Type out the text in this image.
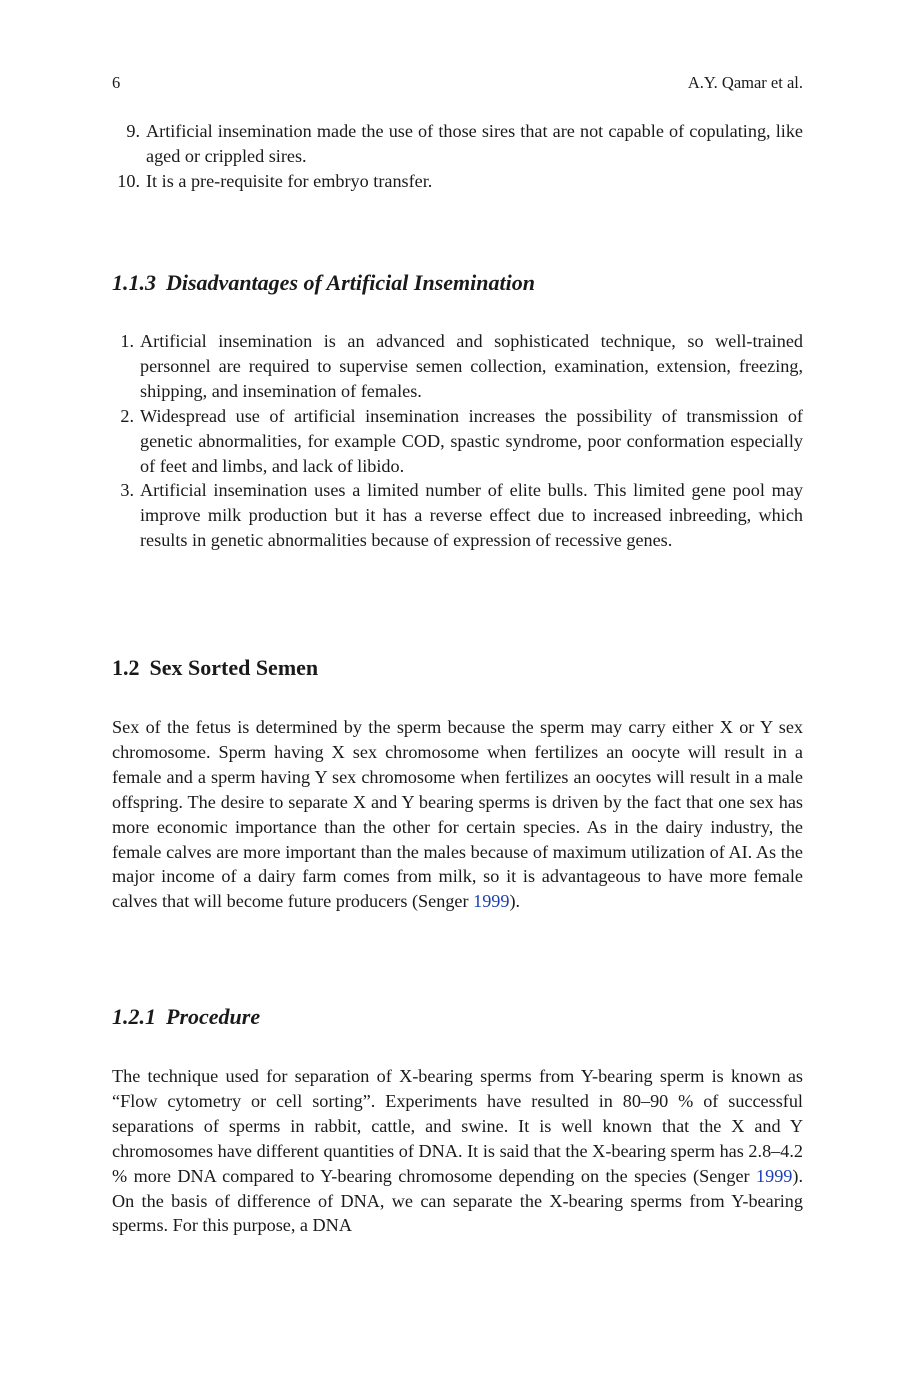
6	A.Y. Qamar et al.
9. Artificial insemination made the use of those sires that are not capable of copulating, like aged or crippled sires.
10. It is a pre-requisite for embryo transfer.
1.1.3 Disadvantages of Artificial Insemination
1. Artificial insemination is an advanced and sophisticated technique, so well-trained personnel are required to supervise semen collection, examination, extension, freezing, shipping, and insemination of females.
2. Widespread use of artificial insemination increases the possibility of transmission of genetic abnormalities, for example COD, spastic syndrome, poor conformation especially of feet and limbs, and lack of libido.
3. Artificial insemination uses a limited number of elite bulls. This limited gene pool may improve milk production but it has a reverse effect due to increased inbreeding, which results in genetic abnormalities because of expression of recessive genes.
1.2 Sex Sorted Semen

Sex of the fetus is determined by the sperm because the sperm may carry either X or Y sex chromosome. Sperm having X sex chromosome when fertilizes an oocyte will result in a female and a sperm having Y sex chromosome when fertilizes an oocytes will result in a male offspring. The desire to separate X and Y bearing sperms is driven by the fact that one sex has more economic importance than the other for certain species. As in the dairy industry, the female calves are more important than the males because of maximum utilization of AI. As the major income of a dairy farm comes from milk, so it is advantageous to have more female calves that will become future producers (Senger 1999).

1.2.1 Procedure

The technique used for separation of X-bearing sperms from Y-bearing sperm is known as “Flow cytometry or cell sorting”. Experiments have resulted in 80–90 % of successful separations of sperms in rabbit, cattle, and swine. It is well known that the X and Y chromosomes have different quantities of DNA. It is said that the X-bearing sperm has 2.8–4.2 % more DNA compared to Y-bearing chromosome depending on the species (Senger 1999). On the basis of difference of DNA, we can separate the X-bearing sperms from Y-bearing sperms. For this purpose, a DNA
